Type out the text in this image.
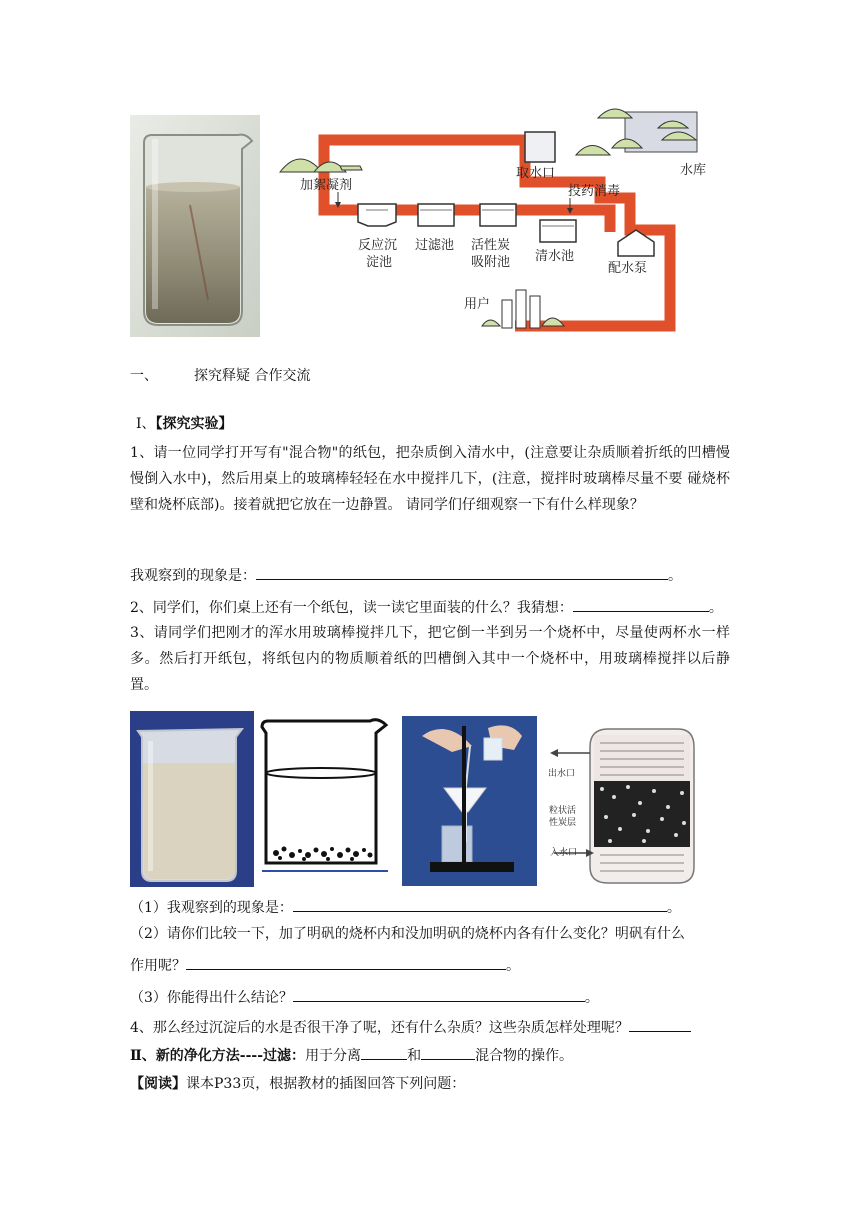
加絮凝剂
取水口	水库
投药消毒
反应沉
淀池
过滤池 活性炭
吸附池 清水池
配水泵
用户
一、	探究释疑 合作交流
Ⅰ、【探究实验】
1、请一位同学打开写有"混合物"的纸包，把杂质倒入清水中，(注意要让杂质顺着折纸的凹槽慢慢倒入水中)，然后用桌上的玻璃棒轻轻在水中搅拌几下，(注意，搅拌时玻璃棒尽量不要 碰烧杯壁和烧杯底部)。接着就把它放在一边静置。 请同学们仔细观察一下有什么样现象？
我观察到的现象是：	。
2、同学们，你们桌上还有一个纸包，读一读它里面装的什么？我猜想：	。
3、请同学们把刚才的浑水用玻璃棒搅拌几下，把它倒一半到另一个烧杯中，尽量使两杯水一样多。然后打开纸包，将纸包内的物质顺着纸的凹槽倒入其中一个烧杯中，用玻璃棒搅拌以后静置。
出水口
粒状活
性炭层
入水口
（1）我观察到的现象是：	。
（2）请你们比较一下，加了明矾的烧杯内和没加明矾的烧杯内各有什么变化？明矾有什么
作用呢？	。
（3）你能得出什么结论？	。
4、那么经过沉淀后的水是否很干净了呢，还有什么杂质？这些杂质怎样处理呢？
Ⅱ、新的净化方法----过滤：用于分离	和	混合物的操作。
【阅读】课本P33页，根据教材的插图回答下列问题：
